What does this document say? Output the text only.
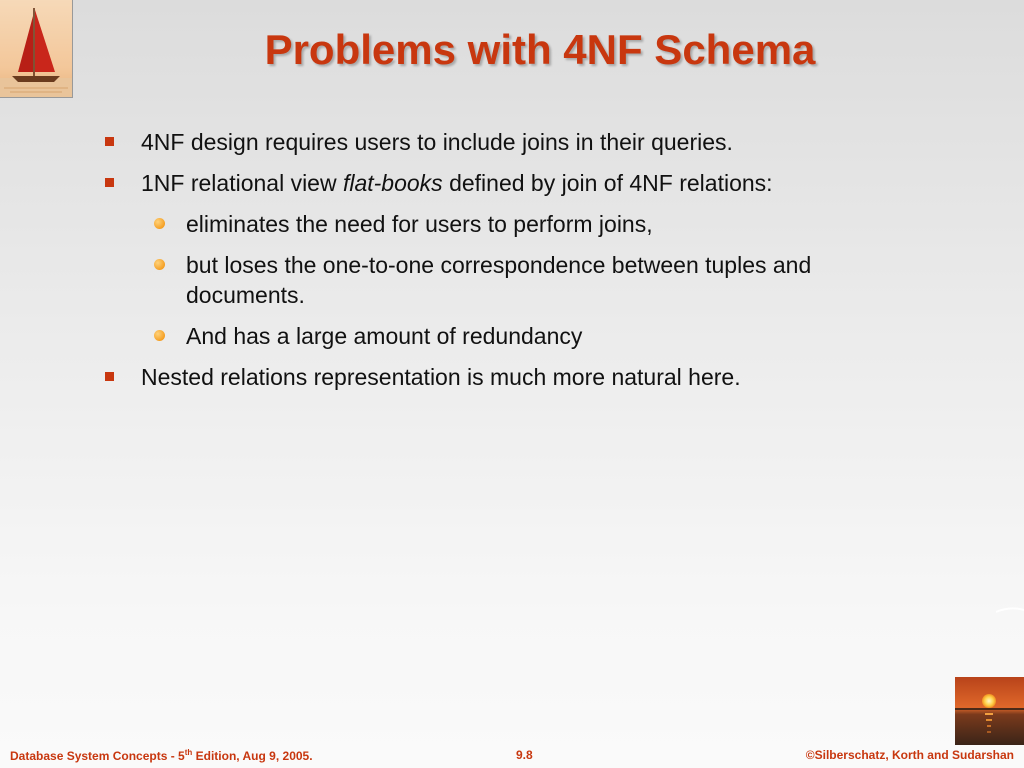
Problems with 4NF Schema
4NF design requires users to include joins in their queries.
1NF relational view flat-books defined by join of 4NF relations:
eliminates the need for users to perform joins,
but loses the one-to-one correspondence between tuples and documents.
And has a large amount of redundancy
Nested relations representation is much more natural here.
Database System Concepts - 5th Edition, Aug 9, 2005.	9.8	©Silberschatz, Korth and Sudarshan
